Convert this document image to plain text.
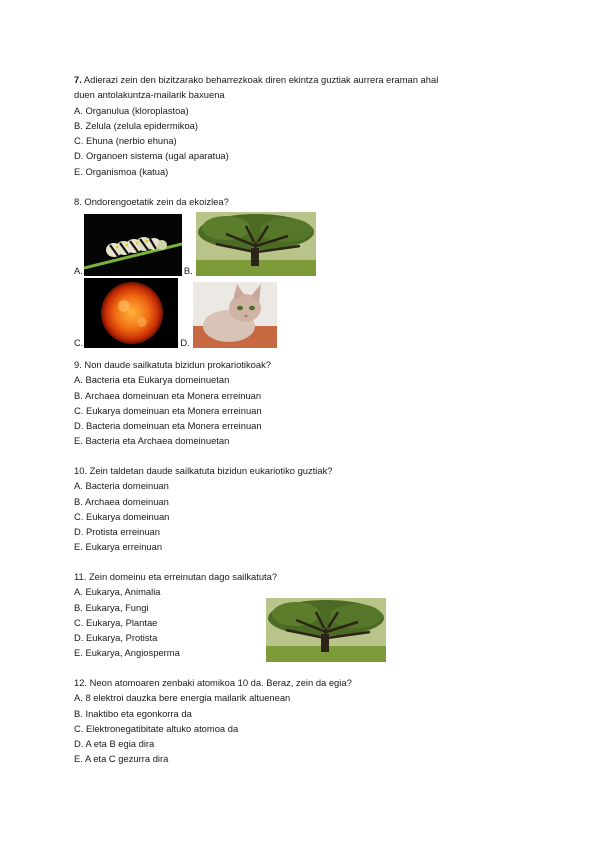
7. Adierazi zein den bizitzarako beharrezkoak diren ekintza guztiak aurrera eraman ahal
duen antolakuntza-mailarik baxuena
A. Organulua (kloroplastoa)
B. Zelula (zelula epidermikoa)
C. Ehuna (nerbio ehuna)
D. Organoen sistema (ugal aparatua)
E. Organismoa (katua)
8. Ondorengoetatik zein da ekoizlea?
A.	B.
C.	D.
9. Non daude sailkatuta bizidun prokariotikoak?
A. Bacteria eta Eukarya domeinuetan
B. Archaea domeinuan eta Monera erreinuan
C. Eukarya domeinuan eta Monera erreinuan
D. Bacteria domeinuan eta Monera erreinuan
E. Bacteria eta Archaea domeinuetan
10. Zein taldetan daude sailkatuta bizidun eukariotiko guztiak?
A. Bacteria domeinuan
B. Archaea domeinuan
C. Eukarya domeinuan
D. Protista erreinuan
E. Eukarya erreinuan
11. Zein domeinu eta erreinutan dago sailkatuta?
A. Eukarya, Animalia
B. Eukarya, Fungi
C. Eukarya, Plantae
D. Eukarya, Protista
E. Eukarya, Angiosperma
12. Neon atomoaren zenbaki atomikoa 10 da. Beraz, zein da egia?
A. 8 elektroi dauzka bere energia mailarik altuenean
B. Inaktibo eta egonkorra da
C. Elektronegatibitate altuko atomoa da
D. A eta B egia dira
E. A eta C gezurra dira
